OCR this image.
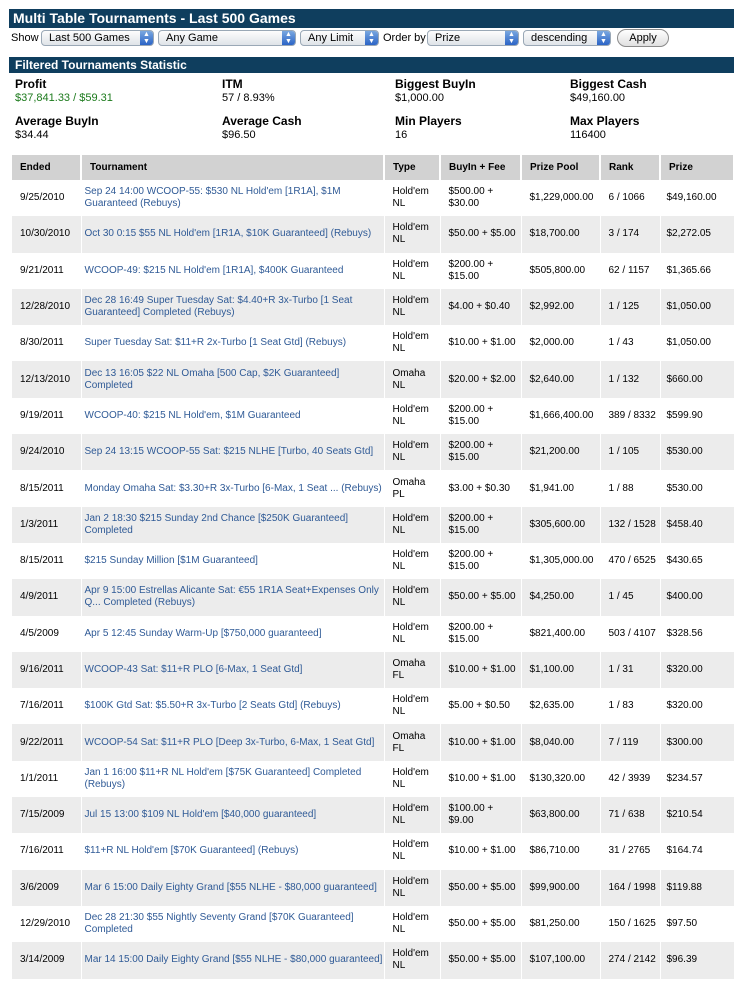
Multi Table Tournaments - Last 500 Games
Show Last 500 Games	▲
▼	Any Game	▲
▼	Any Limit	▲
▼ Order by Prize	▲
▼	descending	▲
▼	Apply
Filtered Tournaments Statistic
Profit
$37,841.33 / $59.31
ITM
57 / 8.93%
Biggest BuyIn
$1,000.00
Biggest Cash
$49,160.00
Average BuyIn
$34.44
Average Cash
$96.50
Min Players
16
Max Players
116400
Ended	Tournament	Type	BuyIn + Fee	Prize Pool	Rank	Prize
9/25/2010	Sep 24 14:00 WCOOP-55: $530 NL Hold'em [1R1A], $1M Guaranteed (Rebuys)	Hold'em NL	$500.00 + $30.00	$1,229,000.00	6 / 1066	$49,160.00
10/30/2010	Oct 30 0:15 $55 NL Hold'em [1R1A, $10K Guaranteed] (Rebuys)	Hold'em NL	$50.00 + $5.00	$18,700.00	3 / 174	$2,272.05
9/21/2011	WCOOP-49: $215 NL Hold'em [1R1A], $400K Guaranteed	Hold'em NL	$200.00 + $15.00	$505,800.00	62 / 1157	$1,365.66
12/28/2010	Dec 28 16:49 Super Tuesday Sat: $4.40+R 3x-Turbo [1 Seat Guaranteed] Completed (Rebuys)	Hold'em NL	$4.00 + $0.40	$2,992.00	1 / 125	$1,050.00
8/30/2011	Super Tuesday Sat: $11+R 2x-Turbo [1 Seat Gtd] (Rebuys)	Hold'em NL	$10.00 + $1.00	$2,000.00	1 / 43	$1,050.00
12/13/2010	Dec 13 16:05 $22 NL Omaha [500 Cap, $2K Guaranteed] Completed	Omaha NL	$20.00 + $2.00	$2,640.00	1 / 132	$660.00
9/19/2011	WCOOP-40: $215 NL Hold'em, $1M Guaranteed	Hold'em NL	$200.00 + $15.00	$1,666,400.00	389 / 8332	$599.90
9/24/2010	Sep 24 13:15 WCOOP-55 Sat: $215 NLHE [Turbo, 40 Seats Gtd]	Hold'em NL	$200.00 + $15.00	$21,200.00	1 / 105	$530.00
8/15/2011	Monday Omaha Sat: $3.30+R 3x-Turbo [6-Max, 1 Seat ... (Rebuys)	Omaha PL	$3.00 + $0.30	$1,941.00	1 / 88	$530.00
1/3/2011	Jan 2 18:30 $215 Sunday 2nd Chance [$250K Guaranteed] Completed	Hold'em NL	$200.00 + $15.00	$305,600.00	132 / 1528	$458.40
8/15/2011	$215 Sunday Million [$1M Guaranteed]	Hold'em NL	$200.00 + $15.00	$1,305,000.00	470 / 6525	$430.65
4/9/2011	Apr 9 15:00 Estrellas Alicante Sat: €55 1R1A Seat+Expenses Only Q... Completed (Rebuys)	Hold'em NL	$50.00 + $5.00	$4,250.00	1 / 45	$400.00
4/5/2009	Apr 5 12:45 Sunday Warm-Up [$750,000 guaranteed]	Hold'em NL	$200.00 + $15.00	$821,400.00	503 / 4107	$328.56
9/16/2011	WCOOP-43 Sat: $11+R PLO [6-Max, 1 Seat Gtd]	Omaha FL	$10.00 + $1.00	$1,100.00	1 / 31	$320.00
7/16/2011	$100K Gtd Sat: $5.50+R 3x-Turbo [2 Seats Gtd] (Rebuys)	Hold'em NL	$5.00 + $0.50	$2,635.00	1 / 83	$320.00
9/22/2011	WCOOP-54 Sat: $11+R PLO [Deep 3x-Turbo, 6-Max, 1 Seat Gtd]	Omaha FL	$10.00 + $1.00	$8,040.00	7 / 119	$300.00
1/1/2011	Jan 1 16:00 $11+R NL Hold'em [$75K Guaranteed] Completed (Rebuys)	Hold'em NL	$10.00 + $1.00	$130,320.00	42 / 3939	$234.57
7/15/2009	Jul 15 13:00 $109 NL Hold'em [$40,000 guaranteed]	Hold'em NL	$100.00 + $9.00	$63,800.00	71 / 638	$210.54
7/16/2011	$11+R NL Hold'em [$70K Guaranteed] (Rebuys)	Hold'em NL	$10.00 + $1.00	$86,710.00	31 / 2765	$164.74
3/6/2009	Mar 6 15:00 Daily Eighty Grand [$55 NLHE - $80,000 guaranteed]	Hold'em NL	$50.00 + $5.00	$99,900.00	164 / 1998	$119.88
12/29/2010	Dec 28 21:30 $55 Nightly Seventy Grand [$70K Guaranteed] Completed	Hold'em NL	$50.00 + $5.00	$81,250.00	150 / 1625	$97.50
3/14/2009	Mar 14 15:00 Daily Eighty Grand [$55 NLHE - $80,000 guaranteed]	Hold'em NL	$50.00 + $5.00	$107,100.00	274 / 2142	$96.39
